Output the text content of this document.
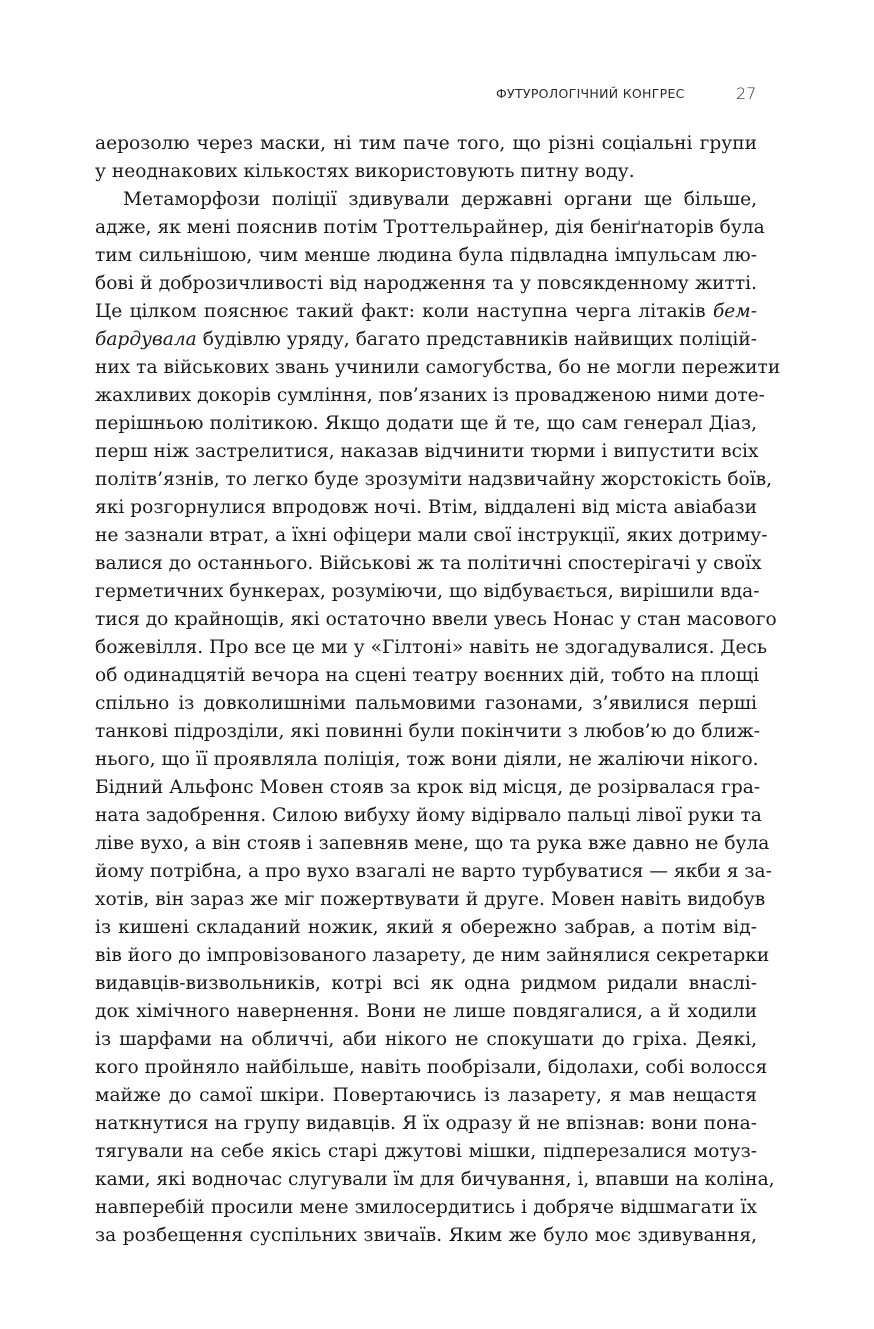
ФУТУРОЛОГІЧНИЙ КОНГРЕС	27
аерозолю через маски, ні тим паче того, що різні соціальні групи
у неоднакових кількостях використовують питну воду.
Метаморфози поліції здивували державні органи ще більше,
адже, як мені пояснив потім Троттельрайнер, дія беніґнаторів була
тим сильнішою, чим менше людина була підвладна імпульсам лю-
бові й доброзичливості від народження та у повсякденному житті.
Це цілком пояснює такий факт: коли наступна черга літаків бем-
бардувала будівлю уряду, багато представників найвищих поліцій-
них та військових звань учинили самогубства, бо не могли пережити
жахливих докорів сумління, пов’язаних із провадженою ними доте-
перішньою політикою. Якщо додати ще й те, що сам генерал Діаз,
перш ніж застрелитися, наказав відчинити тюрми і випустити всіх
політв’язнів, то легко буде зрозуміти надзвичайну жорстокість боїв,
які розгорнулися впродовж ночі. Втім, віддалені від міста авіабази
не зазнали втрат, а їхні офіцери мали свої інструкції, яких дотриму-
валися до останнього. Військові ж та політичні спостерігачі у своїх
герметичних бункерах, розуміючи, що відбувається, вирішили вда-
тися до крайнощів, які остаточно ввели увесь Нонас у стан масового
божевілля. Про все це ми у «Гілтоні» навіть не здогадувалися. Десь
об одинадцятій вечора на сцені театру воєнних дій, тобто на площі
спільно із довколишніми пальмовими газонами, з’явилися перші
танкові підрозділи, які повинні були покінчити з любов’ю до ближ-
нього, що її проявляла поліція, тож вони діяли, не жаліючи нікого.
Бідний Альфонс Мовен стояв за крок від місця, де розірвалася гра-
ната задобрення. Силою вибуху йому відірвало пальці лівої руки та
ліве вухо, а він стояв і запевняв мене, що та рука вже давно не була
йому потрібна, а про вухо взагалі не варто турбуватися — якби я за-
хотів, він зараз же міг пожертвувати й друге. Мовен навіть видобув
із кишені складаний ножик, який я обережно забрав, а потім від-
вів його до імпровізованого лазарету, де ним зайнялися секретарки
видавців-визвольників, котрі всі як одна ридмом ридали внаслі-
док хімічного навернення. Вони не лише повдягалися, а й ходили
із шарфами на обличчі, аби нікого не спокушати до гріха. Деякі,
кого пройняло найбільше, навіть пообрізали, бідолахи, собі волосся
майже до самої шкіри. Повертаючись із лазарету, я мав нещастя
наткнутися на групу видавців. Я їх одразу й не впізнав: вони пона-
тягували на себе якісь старі джутові мішки, підперезалися мотуз-
ками, які водночас слугували їм для бичування, і, впавши на коліна,
навперебій просили мене змилосердитись і добряче відшмагати їх
за розбещення суспільних звичаїв. Яким же було моє здивування,
